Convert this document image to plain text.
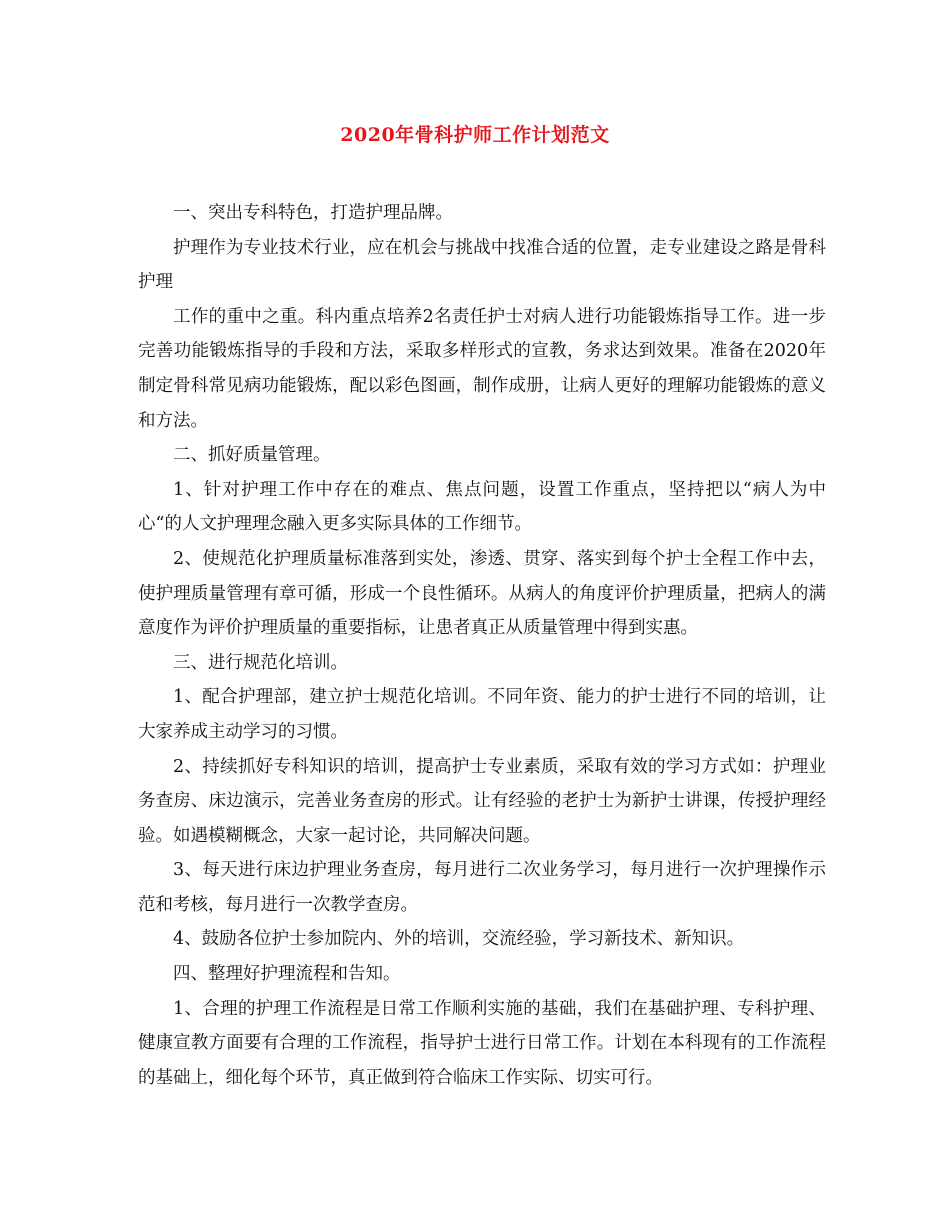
2020年骨科护师工作计划范文

一、突出专科特色，打造护理品牌。

护理作为专业技术行业，应在机会与挑战中找准合适的位置，走专业建设之路是骨科护理

工作的重中之重。科内重点培养2名责任护士对病人进行功能锻炼指导工作。进一步完善功能锻炼指导的手段和方法，采取多样形式的宣教，务求达到效果。准备在2020年制定骨科常见病功能锻炼，配以彩色图画，制作成册，让病人更好的理解功能锻炼的意义和方法。

二、抓好质量管理。

1、针对护理工作中存在的难点、焦点问题，设置工作重点，坚持把以“病人为中心“的人文护理理念融入更多实际具体的工作细节。

2、使规范化护理质量标准落到实处，渗透、贯穿、落实到每个护士全程工作中去，使护理质量管理有章可循，形成一个良性循环。从病人的角度评价护理质量，把病人的满意度作为评价护理质量的重要指标，让患者真正从质量管理中得到实惠。

三、进行规范化培训。

1、配合护理部，建立护士规范化培训。不同年资、能力的护士进行不同的培训，让大家养成主动学习的习惯。

2、持续抓好专科知识的培训，提高护士专业素质，采取有效的学习方式如：护理业务查房、床边演示，完善业务查房的形式。让有经验的老护士为新护士讲课，传授护理经验。如遇模糊概念，大家一起讨论，共同解决问题。

3、每天进行床边护理业务查房，每月进行二次业务学习，每月进行一次护理操作示范和考核，每月进行一次教学查房。

4、鼓励各位护士参加院内、外的培训，交流经验，学习新技术、新知识。

四、整理好护理流程和告知。

1、合理的护理工作流程是日常工作顺利实施的基础，我们在基础护理、专科护理、健康宣教方面要有合理的工作流程，指导护士进行日常工作。计划在本科现有的工作流程的基础上，细化每个环节，真正做到符合临床工作实际、切实可行。
